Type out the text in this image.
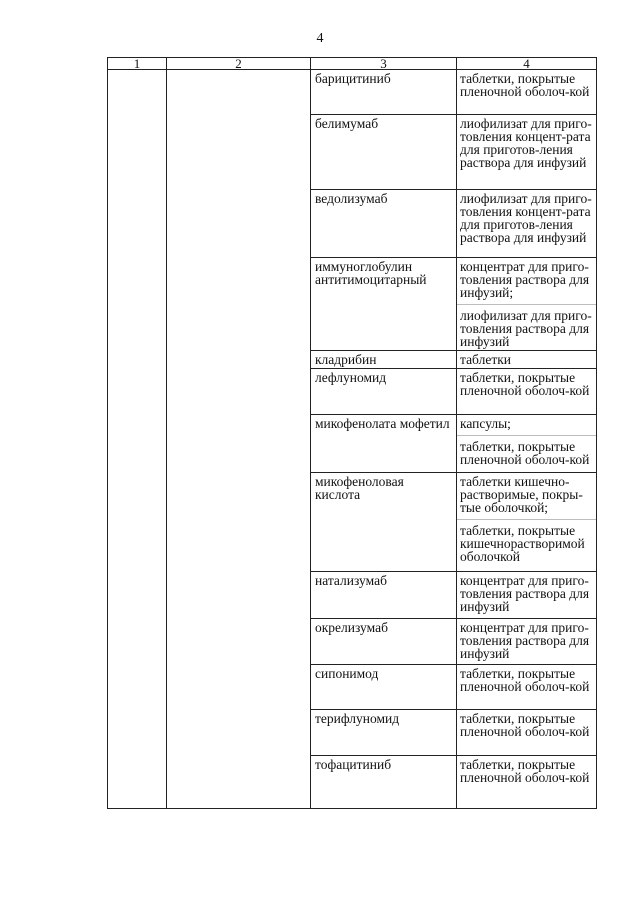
4
1	2	3	4

		барицитиниб	таблетки, покрытые пленочной оболоч-кой

		белимумаб	лиофилизат для приго-товления концент-рата для приготов-ления раствора для инфузий

		ведолизумаб	лиофилизат для приго-товления концент-рата для приготов-ления раствора для инфузий

		иммуноглобулин антитимоцитарный	концентрат для приго-товления раствора для инфузий;
лиофилизат для приго-товления раствора для инфузий

		кладрибин	таблетки

		лефлуномид	таблетки, покрытые пленочной оболоч-кой

		микофенолата мофетил	капсулы;
таблетки, покрытые пленочной оболоч-кой

		микофеноловая кислота	таблетки кишечно-растворимые, покры-тые оболочкой;
таблетки, покрытые кишечнорастворимой оболочкой

		натализумаб	концентрат для приго-товления раствора для инфузий

		окрелизумаб	концентрат для приго-товления раствора для инфузий

		сипонимод	таблетки, покрытые пленочной оболоч-кой

		терифлуномид	таблетки, покрытые пленочной оболоч-кой

		тофацитиниб	таблетки, покрытые пленочной оболоч-кой
